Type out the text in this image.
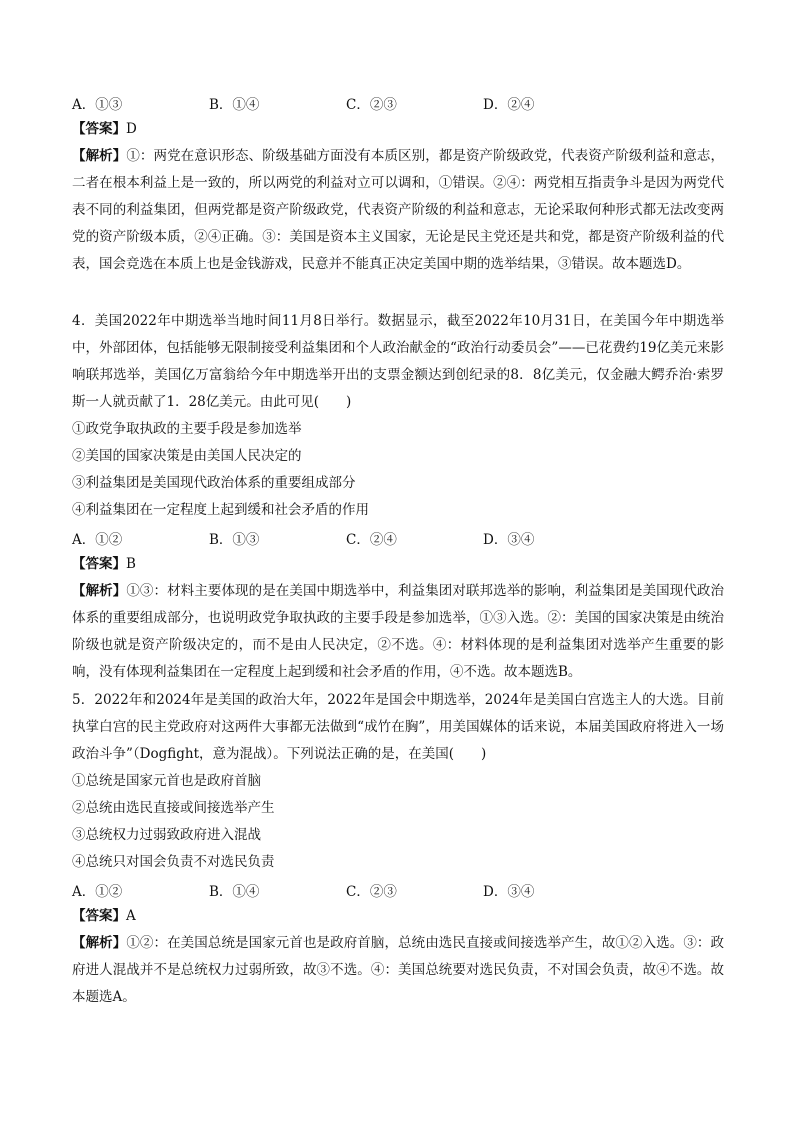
A．①③	B．①④	C．②③	D．②④
【答案】D
【解析】①：两党在意识形态、阶级基础方面没有本质区别，都是资产阶级政党，代表资产阶级利益和意志，二者在根本利益上是一致的，所以两党的利益对立可以调和，①错误。②④：两党相互指责争斗是因为两党代表不同的利益集团，但两党都是资产阶级政党，代表资产阶级的利益和意志，无论采取何种形式都无法改变两党的资产阶级本质，②④正确。③：美国是资本主义国家，无论是民主党还是共和党，都是资产阶级利益的代表，国会竞选在本质上也是金钱游戏，民意并不能真正决定美国中期的选举结果，③错误。故本题选D。
4．美国2022年中期选举当地时间11月8日举行。数据显示，截至2022年10月31日，在美国今年中期选举中，外部团体，包括能够无限制接受利益集团和个人政治献金的“政治行动委员会”——已花费约19亿美元来影响联邦选举，美国亿万富翁给今年中期选举开出的支票金额达到创纪录的8．8亿美元，仅金融大鳄乔治·索罗斯一人就贡献了1．28亿美元。由此可见(　　)
①政党争取执政的主要手段是参加选举
②美国的国家决策是由美国人民决定的
③利益集团是美国现代政治体系的重要组成部分
④利益集团在一定程度上起到缓和社会矛盾的作用
A．①②	B．①③	C．②④	D．③④
【答案】B
【解析】①③：材料主要体现的是在美国中期选举中，利益集团对联邦选举的影响，利益集团是美国现代政治体系的重要组成部分，也说明政党争取执政的主要手段是参加选举，①③入选。②：美国的国家决策是由统治阶级也就是资产阶级决定的，而不是由人民决定，②不选。④：材料体现的是利益集团对选举产生重要的影响，没有体现利益集团在一定程度上起到缓和社会矛盾的作用，④不选。故本题选B。
5．2022年和2024年是美国的政治大年，2022年是国会中期选举，2024年是美国白宫选主人的大选。目前执掌白宫的民主党政府对这两件大事都无法做到“成竹在胸”，用美国媒体的话来说，本届美国政府将进入一场政治斗争”（Dogfight，意为混战）。下列说法正确的是，在美国(　　)
①总统是国家元首也是政府首脑
②总统由选民直接或间接选举产生
③总统权力过弱致政府进入混战
④总统只对国会负责不对选民负责
A．①②	B．①④	C．②③	D．③④
【答案】A
【解析】①②：在美国总统是国家元首也是政府首脑，总统由选民直接或间接选举产生，故①②入选。③：政府进人混战并不是总统权力过弱所致，故③不选。④：美国总统要对选民负责，不对国会负责，故④不选。故本题选A。
